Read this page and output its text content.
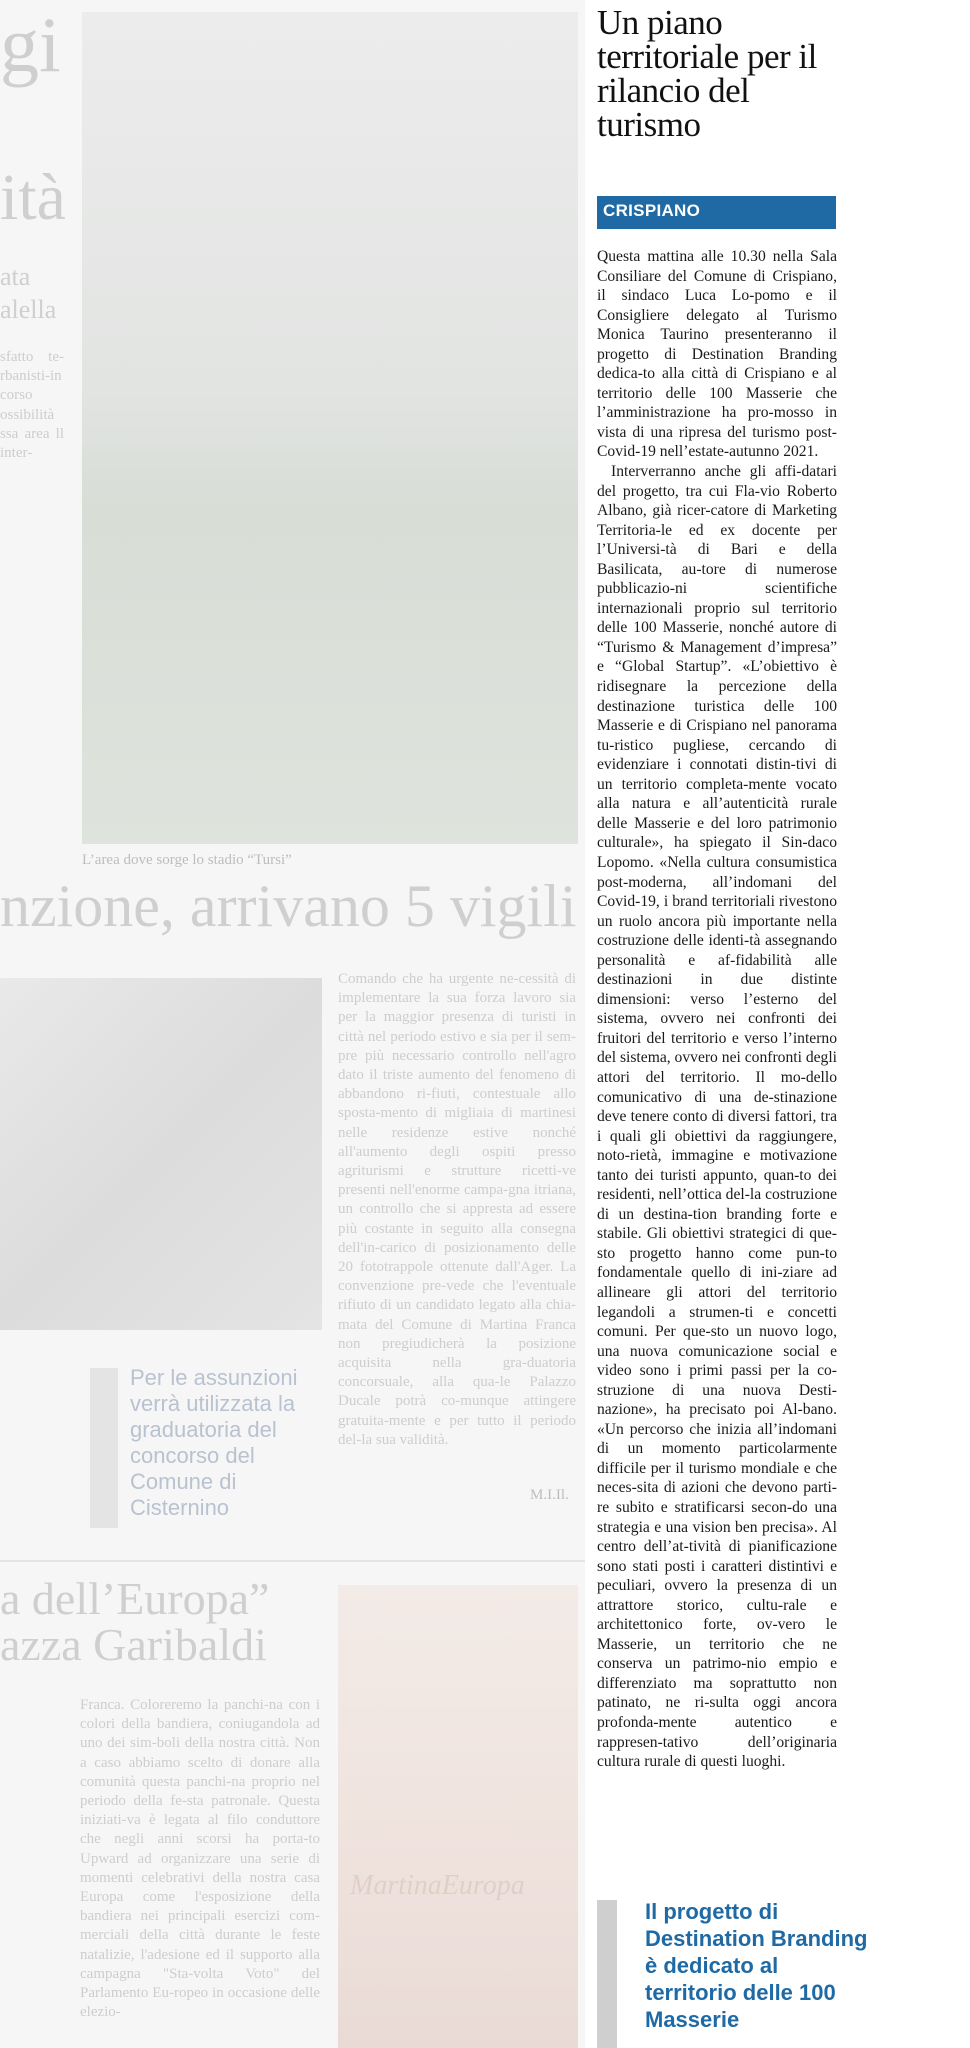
gi
ità
ata
alella
sfatto te-rbanisti-in corso ossibilità ssa area ll inter-
L’area dove sorge lo stadio “Tursi”
nzione, arrivano 5 vigili
Comando che ha urgente ne-cessità di implementare la sua forza lavoro sia per la maggior presenza di turisti in città nel periodo estivo e sia per il sem-pre più necessario controllo nell'agro dato il triste aumento del fenomeno di abbandono ri-fiuti, contestuale allo sposta-mento di migliaia di martinesi nelle residenze estive nonché all'aumento degli ospiti presso agriturismi e strutture ricetti-ve presenti nell'enorme campa-gna itriana, un controllo che si appresta ad essere più costante in seguito alla consegna dell'in-carico di posizionamento delle 20 fototrappole ottenute dall'Ager. La convenzione pre-vede che l'eventuale rifiuto di un candidato legato alla chia-mata del Comune di Martina Franca non pregiudicherà la posizione acquisita nella gra-duatoria concorsuale, alla qua-le Palazzo Ducale potrà co-munque attingere gratuita-mente e per tutto il periodo del-la sua validità.
Per le assunzioni verrà utilizzata la graduatoria del concorso del Comune di Cisternino	M.I.Il.
a dell’Europa”
azza Garibaldi
Franca. Coloreremo la panchi-na con i colori della bandiera, coniugandola ad uno dei sim-boli della nostra città. Non a caso abbiamo scelto di donare alla comunità questa panchi-na proprio nel periodo della fe-sta patronale. Questa iniziati-va è legata al filo conduttore che negli anni scorsi ha porta-to Upward ad organizzare una serie di momenti celebrativi della nostra casa Europa come l'esposizione della bandiera nei principali esercizi com-merciali della città durante le feste natalizie, l'adesione ed il supporto alla campagna "Sta-volta Voto" del Parlamento Eu-ropeo in occasione delle elezio-
MartinaEuropa
Un piano territoriale per il rilancio del turismo
CRISPIANO

Questa mattina alle 10.30 nella Sala Consiliare del Comune di Crispiano, il sindaco Luca Lo-pomo e il Consigliere delegato al Turismo Monica Taurino presenteranno il progetto di Destination Branding dedica-to alla città di Crispiano e al territorio delle 100 Masserie che l’amministrazione ha pro-mosso in vista di una ripresa del turismo post-Covid-19 nell’estate-autunno 2021.

Interverranno anche gli affi-datari del progetto, tra cui Fla-vio Roberto Albano, già ricer-catore di Marketing Territoria-le ed ex docente per l’Universi-tà di Bari e della Basilicata, au-tore di numerose pubblicazio-ni scientifiche internazionali proprio sul territorio delle 100 Masserie, nonché autore di “Turismo & Management d’impresa” e “Global Startup”. «L’obiettivo è ridisegnare la percezione della destinazione turistica delle 100 Masserie e di Crispiano nel panorama tu-ristico pugliese, cercando di evidenziare i connotati distin-tivi di un territorio completa-mente vocato alla natura e all’autenticità rurale delle Masserie e del loro patrimonio culturale», ha spiegato il Sin-daco Lopomo. «Nella cultura consumistica post-moderna, all’indomani del Covid-19, i brand territoriali rivestono un ruolo ancora più importante nella costruzione delle identi-tà assegnando personalità e af-fidabilità alle destinazioni in due distinte dimensioni: verso l’esterno del sistema, ovvero nei confronti dei fruitori del territorio e verso l’interno del sistema, ovvero nei confronti degli attori del territorio. Il mo-dello comunicativo di una de-stinazione deve tenere conto di diversi fattori, tra i quali gli obiettivi da raggiungere, noto-rietà, immagine e motivazione tanto dei turisti appunto, quan-to dei residenti, nell’ottica del-la costruzione di un destina-tion branding forte e stabile. Gli obiettivi strategici di que-sto progetto hanno come pun-to fondamentale quello di ini-ziare ad allineare gli attori del territorio legandoli a strumen-ti e concetti comuni. Per que-sto un nuovo logo, una nuova comunicazione social e video sono i primi passi per la co-struzione di una nuova Desti-nazione», ha precisato poi Al-bano. «Un percorso che inizia all’indomani di un momento particolarmente difficile per il turismo mondiale e che neces-sita di azioni che devono parti-re subito e stratificarsi secon-do una strategia e una vision ben precisa». Al centro dell’at-tività di pianificazione sono stati posti i caratteri distintivi e peculiari, ovvero la presenza di un attrattore storico, cultu-rale e architettonico forte, ov-vero le Masserie, un territorio che ne conserva un patrimo-nio empio e differenziato ma soprattutto non patinato, ne ri-sulta oggi ancora profonda-mente autentico e rappresen-tativo dell’originaria cultura rurale di questi luoghi.

Il progetto di Destination Branding è dedicato al territorio delle 100 Masserie
